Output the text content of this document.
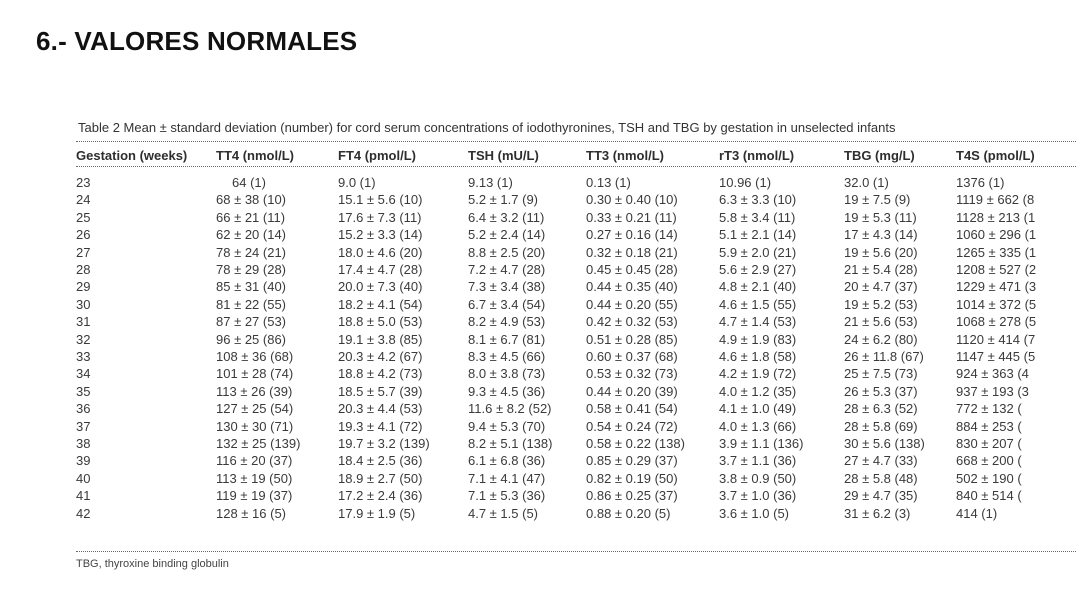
6.- VALORES NORMALES
Table 2 Mean ± standard deviation (number) for cord serum concentrations of iodothyronines, TSH and TBG by gestation in unselected infants
Gestation (weeks) TT4 (nmol/L)	FT4 (pmol/L)	TSH (mU/L)	TT3 (nmol/L)	rT3 (nmol/L)	TBG (mg/L)	T4S (pmol/L)
23	64 (1)	9.0 (1)	9.13 (1)	0.13 (1)	10.96 (1)	32.0 (1)	1376 (1)
24	68 ± 38 (10)	15.1 ± 5.6 (10)	5.2 ± 1.7 (9)	0.30 ± 0.40 (10)	6.3 ± 3.3 (10)	19 ± 7.5 (9)	1119 ± 662 (8
25	66 ± 21 (11)	17.6 ± 7.3 (11)	6.4 ± 3.2 (11)	0.33 ± 0.21 (11)	5.8 ± 3.4 (11)	19 ± 5.3 (11)	1128 ± 213 (1
26	62 ± 20 (14)	15.2 ± 3.3 (14)	5.2 ± 2.4 (14)	0.27 ± 0.16 (14)	5.1 ± 2.1 (14)	17 ± 4.3 (14)	1060 ± 296 (1
27	78 ± 24 (21)	18.0 ± 4.6 (20)	8.8 ± 2.5 (20)	0.32 ± 0.18 (21)	5.9 ± 2.0 (21)	19 ± 5.6 (20)	1265 ± 335 (1
28	78 ± 29 (28)	17.4 ± 4.7 (28)	7.2 ± 4.7 (28)	0.45 ± 0.45 (28)	5.6 ± 2.9 (27)	21 ± 5.4 (28)	1208 ± 527 (2
29	85 ± 31 (40)	20.0 ± 7.3 (40)	7.3 ± 3.4 (38)	0.44 ± 0.35 (40)	4.8 ± 2.1 (40)	20 ± 4.7 (37)	1229 ± 471 (3
30	81 ± 22 (55)	18.2 ± 4.1 (54)	6.7 ± 3.4 (54)	0.44 ± 0.20 (55)	4.6 ± 1.5 (55)	19 ± 5.2 (53)	1014 ± 372 (5
31	87 ± 27 (53)	18.8 ± 5.0 (53)	8.2 ± 4.9 (53)	0.42 ± 0.32 (53)	4.7 ± 1.4 (53)	21 ± 5.6 (53)	1068 ± 278 (5
32	96 ± 25 (86)	19.1 ± 3.8 (85)	8.1 ± 6.7 (81)	0.51 ± 0.28 (85)	4.9 ± 1.9 (83)	24 ± 6.2 (80)	1120 ± 414 (7
33	108 ± 36 (68)	20.3 ± 4.2 (67)	8.3 ± 4.5 (66)	0.60 ± 0.37 (68)	4.6 ± 1.8 (58)	26 ± 11.8 (67) 1147 ± 445 (5
34	101 ± 28 (74)	18.8 ± 4.2 (73)	8.0 ± 3.8 (73)	0.53 ± 0.32 (73)	4.2 ± 1.9 (72)	25 ± 7.5 (73)	924 ± 363 (4
35	113 ± 26 (39)	18.5 ± 5.7 (39)	9.3 ± 4.5 (36)	0.44 ± 0.20 (39)	4.0 ± 1.2 (35)	26 ± 5.3 (37)	937 ± 193 (3
36	127 ± 25 (54)	20.3 ± 4.4 (53)	11.6 ± 8.2 (52)	0.58 ± 0.41 (54)	4.1 ± 1.0 (49)	28 ± 6.3 (52)	772 ± 132 (
37	130 ± 30 (71)	19.3 ± 4.1 (72)	9.4 ± 5.3 (70)	0.54 ± 0.24 (72)	4.0 ± 1.3 (66)	28 ± 5.8 (69)	884 ± 253 (
38	132 ± 25 (139)	19.7 ± 3.2 (139)	8.2 ± 5.1 (138)	0.58 ± 0.22 (138)	3.9 ± 1.1 (136)	30 ± 5.6 (138) 830 ± 207 (
39	116 ± 20 (37)	18.4 ± 2.5 (36)	6.1 ± 6.8 (36)	0.85 ± 0.29 (37)	3.7 ± 1.1 (36)	27 ± 4.7 (33)	668 ± 200 (
40	113 ± 19 (50)	18.9 ± 2.7 (50)	7.1 ± 4.1 (47)	0.82 ± 0.19 (50)	3.8 ± 0.9 (50)	28 ± 5.8 (48)	502 ± 190 (
41	119 ± 19 (37)	17.2 ± 2.4 (36)	7.1 ± 5.3 (36)	0.86 ± 0.25 (37)	3.7 ± 1.0 (36)	29 ± 4.7 (35)	840 ± 514 (
42	128 ± 16 (5)	17.9 ± 1.9 (5)	4.7 ± 1.5 (5)	0.88 ± 0.20 (5)	3.6 ± 1.0 (5)	31 ± 6.2 (3)	414 (1)
TBG, thyroxine binding globulin
